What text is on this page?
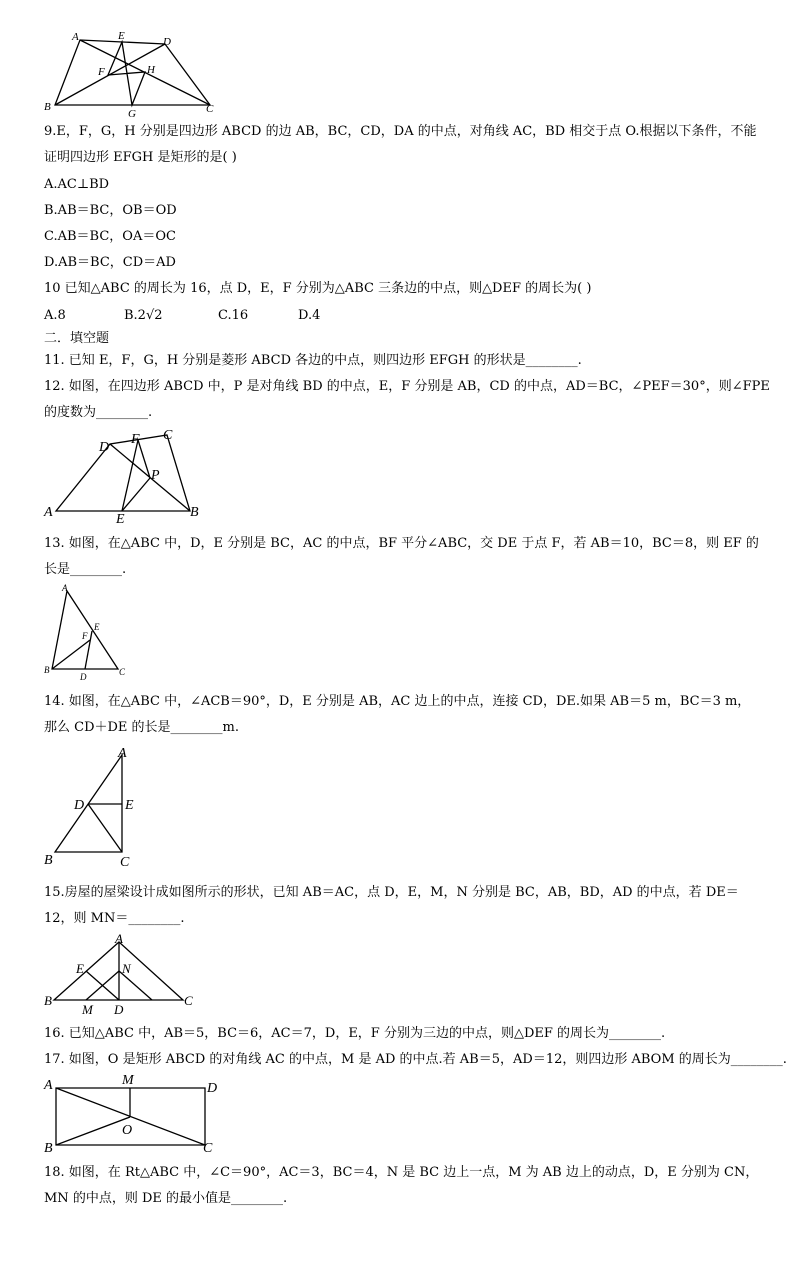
A	E	D
F	H
B
G	C
9.E，F，G，H 分别是四边形 ABCD 的边 AB，BC，CD，DA 的中点，对角线 AC，BD 相交于点 O.根据以下条件，不能
证明四边形 EFGH 是矩形的是( )
A.AC⊥BD
B.AB＝BC，OB＝OD
C.AB＝BC，OA＝OC
D.AB＝BC，CD＝AD
10 已知△ABC 的周长为 16，点 D，E，F 分别为△ABC 三条边的中点，则△DEF 的周长为( )
A.8	B.2√2	C.16	D.4
二．填空题
11. 已知 E，F，G，H 分别是菱形 ABCD 各边的中点，则四边形 EFGH 的形状是________.
12. 如图，在四边形 ABCD 中，P 是对角线 BD 的中点，E，F 分别是 AB，CD 的中点，AD＝BC，∠PEF＝30°，则∠FPE
的度数为________.
D
F C
P
A	E	B
13. 如图，在△ABC 中，D，E 分别是 BC，AC 的中点，BF 平分∠ABC，交 DE 于点 F，若 AB＝10，BC＝8，则 EF 的
长是________.
A
E
F
B
D	C
14. 如图，在△ABC 中，∠ACB＝90°，D，E 分别是 AB，AC 边上的中点，连接 CD，DE.如果 AB＝5 m，BC＝3 m，
那么 CD＋DE 的长是________m.
A
D	E
B	C
15.房屋的屋梁设计成如图所示的形状，已知 AB＝AC，点 D，E，M，N 分别是 BC，AB，BD，AD 的中点，若 DE＝
12，则 MN＝________.
A
E	N
B
M D
C
16. 已知△ABC 中，AB＝5，BC＝6，AC＝7，D，E，F 分别为三边的中点，则△DEF 的周长为________.
17. 如图，O 是矩形 ABCD 的对角线 AC 的中点，M 是 AD 的中点.若 AB＝5，AD＝12，则四边形 ABOM 的周长为________.
A	M
D
O
B	C
18. 如图，在 Rt△ABC 中，∠C＝90°，AC＝3，BC＝4，N 是 BC 边上一点，M 为 AB 边上的动点，D，E 分别为 CN，
MN 的中点，则 DE 的最小值是________.
